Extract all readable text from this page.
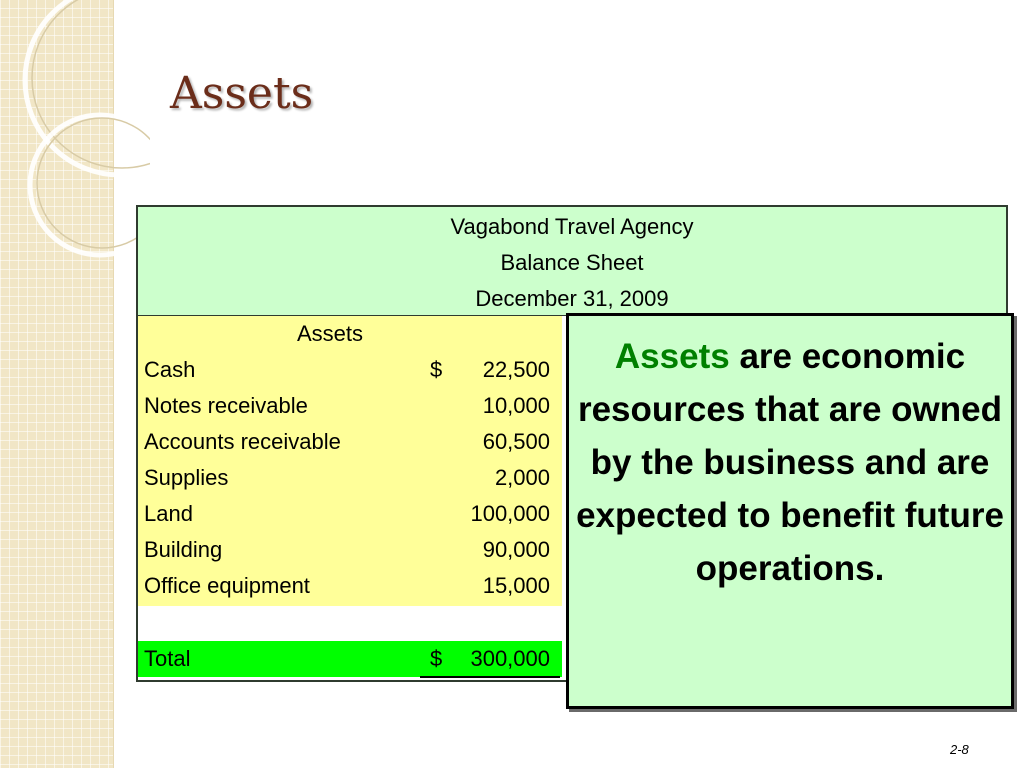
Assets
Vagabond Travel Agency
Balance Sheet
December 31, 2009
Assets
Cash	$ 22,500
Notes receivable	10,000
Accounts receivable	60,500
Supplies	2,000
Land	100,000
Building	90,000
Office equipment	15,000
Total	$ 300,000

Assets are economic resources that are owned by the business and are expected to benefit future operations.

2-8
